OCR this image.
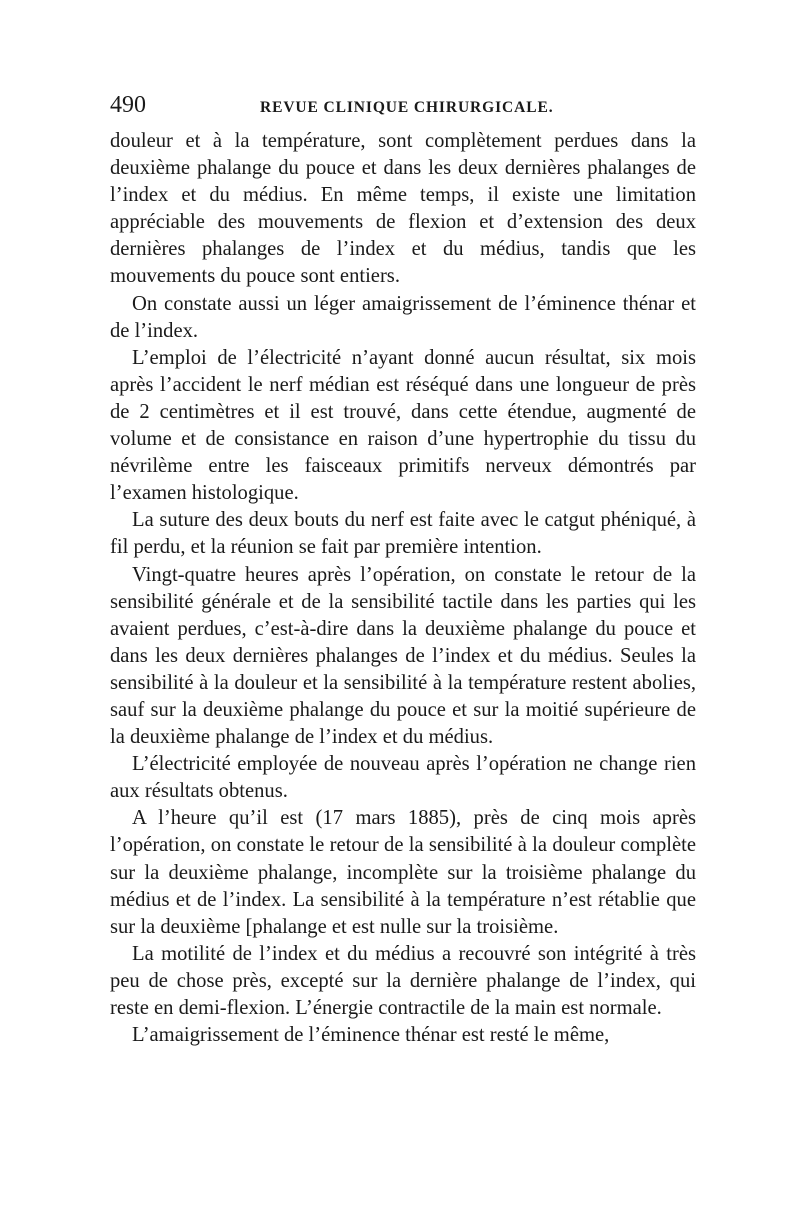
490	REVUE CLINIQUE CHIRURGICALE.

douleur et à la température, sont complètement perdues dans la deuxième phalange du pouce et dans les deux dernières phalanges de l’index et du médius. En même temps, il existe une limitation appréciable des mouvements de flexion et d’extension des deux dernières phalanges de l’index et du médius, tandis que les mouvements du pouce sont entiers.

On constate aussi un léger amaigrissement de l’éminence thénar et de l’index.

L’emploi de l’électricité n’ayant donné aucun résultat, six mois après l’accident le nerf médian est réséqué dans une longueur de près de 2 centimètres et il est trouvé, dans cette étendue, augmenté de volume et de consistance en raison d’une hypertrophie du tissu du névrilème entre les faisceaux primitifs nerveux démontrés par l’examen histologique.

La suture des deux bouts du nerf est faite avec le catgut phéniqué, à fil perdu, et la réunion se fait par première intention.

Vingt-quatre heures après l’opération, on constate le retour de la sensibilité générale et de la sensibilité tactile dans les parties qui les avaient perdues, c’est-à-dire dans la deuxième phalange du pouce et dans les deux dernières phalanges de l’index et du médius. Seules la sensibilité à la douleur et la sensibilité à la température restent abolies, sauf sur la deuxième phalange du pouce et sur la moitié supérieure de la deuxième phalange de l’index et du médius.

L’électricité employée de nouveau après l’opération ne change rien aux résultats obtenus.

A l’heure qu’il est (17 mars 1885), près de cinq mois après l’opération, on constate le retour de la sensibilité à la douleur complète sur la deuxième phalange, incomplète sur la troisième phalange du médius et de l’index. La sensibilité à la température n’est rétablie que sur la deuxième [phalange et est nulle sur la troisième.

La motilité de l’index et du médius a recouvré son intégrité à très peu de chose près, excepté sur la dernière phalange de l’index, qui reste en demi-flexion. L’énergie contractile de la main est normale.

L’amaigrissement de l’éminence thénar est resté le même,
